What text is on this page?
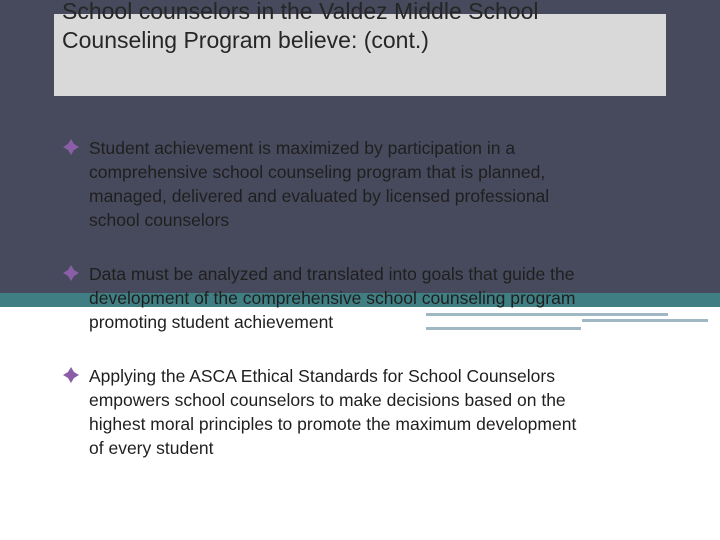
School counselors in the Valdez Middle School
Counseling Program believe: (cont.)
Student achievement is maximized by participation in a
comprehensive school counseling program that is planned,
managed, delivered and evaluated by licensed professional
school counselors
Data must be analyzed and translated into goals that guide the
development of the comprehensive school counseling program
promoting student achievement
Applying the ASCA Ethical Standards for School Counselors
empowers school counselors to make decisions based on the
highest moral principles to promote the maximum development
of every student
